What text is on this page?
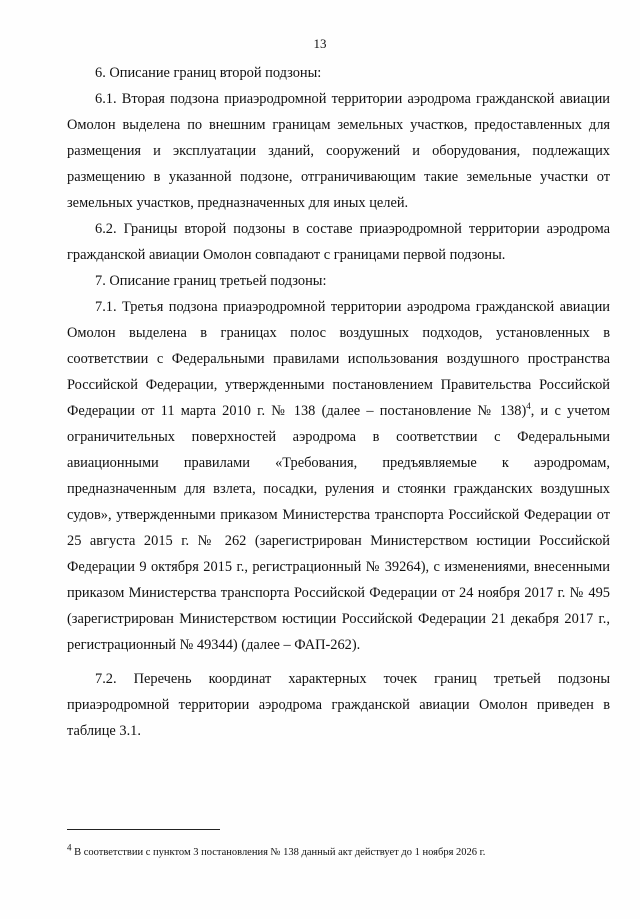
13

6. Описание границ второй подзоны:

6.1. Вторая подзона приаэродромной территории аэродрома гражданской авиации Омолон выделена по внешним границам земельных участков, предоставленных для размещения и эксплуатации зданий, сооружений и оборудования, подлежащих размещению в указанной подзоне, отграничивающим такие земельные участки от земельных участков, предназначенных для иных целей.

6.2. Границы второй подзоны в составе приаэродромной территории аэродрома гражданской авиации Омолон совпадают с границами первой подзоны.

7. Описание границ третьей подзоны:

7.1. Третья подзона приаэродромной территории аэродрома гражданской авиации Омолон выделена в границах полос воздушных подходов, установленных в соответствии с Федеральными правилами использования воздушного пространства Российской Федерации, утвержденными постановлением Правительства Российской Федерации от 11 марта 2010 г. № 138 (далее – постановление № 138)$^4$, и с учетом ограничительных поверхностей аэродрома в соответствии с Федеральными авиационными правилами «Требования, предъявляемые к аэродромам, предназначенным для взлета, посадки, руления и стоянки гражданских воздушных судов», утвержденными приказом Министерства транспорта Российской Федерации от 25 августа 2015 г. № 262 (зарегистрирован Министерством юстиции Российской Федерации 9 октября 2015 г., регистрационный № 39264), с изменениями, внесенными приказом Министерства транспорта Российской Федерации от 24 ноября 2017 г. № 495 (зарегистрирован Министерством юстиции Российской Федерации 21 декабря 2017 г., регистрационный № 49344) (далее – ФАП-262).

7.2. Перечень координат характерных точек границ третьей подзоны приаэродромной территории аэродрома гражданской авиации Омолон приведен в таблице 3.1.

$^4$ В соответствии с пунктом 3 постановления № 138 данный акт действует до 1 ноября 2026 г.
